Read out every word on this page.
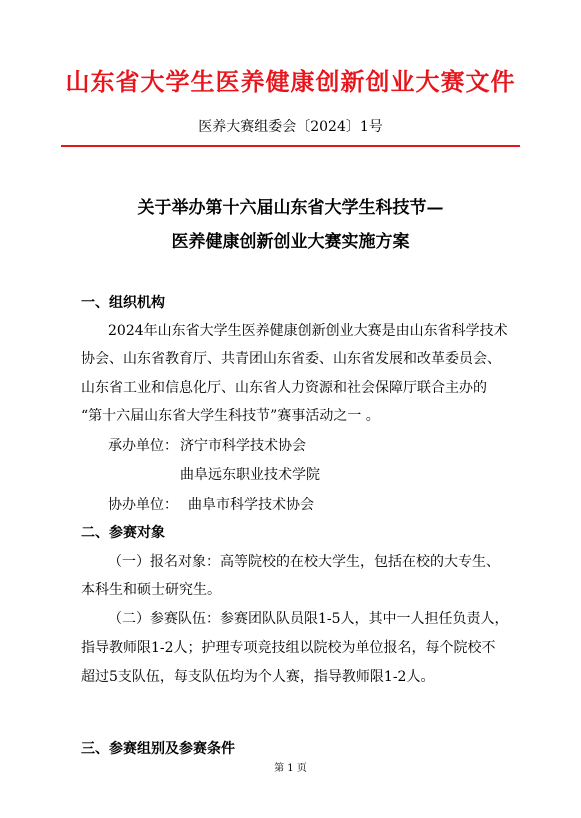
山东省大学生医养健康创新创业大赛文件
医养大赛组委会〔2024〕1号
关于举办第十六届山东省大学生科技节—
医养健康创新创业大赛实施方案
一、组织机构
2024年山东省大学生医养健康创新创业大赛是由山东省科学技术
协会、山东省教育厅、共青团山东省委、山东省发展和改革委员会、
山东省工业和信息化厅、山东省人力资源和社会保障厅联合主办的
“第十六届山东省大学生科技节”赛事活动之一 。
承办单位： 济宁市科学技术协会
曲阜远东职业技术学院
协办单位： 曲阜市科学技术协会
二、参赛对象
（一）报名对象：高等院校的在校大学生，包括在校的大专生、
本科生和硕士研究生。
（二）参赛队伍：参赛团队队员限1-5人，其中一人担任负责人，
指导教师限1-2人；护理专项竞技组以院校为单位报名，每个院校不
超过5支队伍，每支队伍均为个人赛，指导教师限1-2人。
三、参赛组别及参赛条件
第 1 页
